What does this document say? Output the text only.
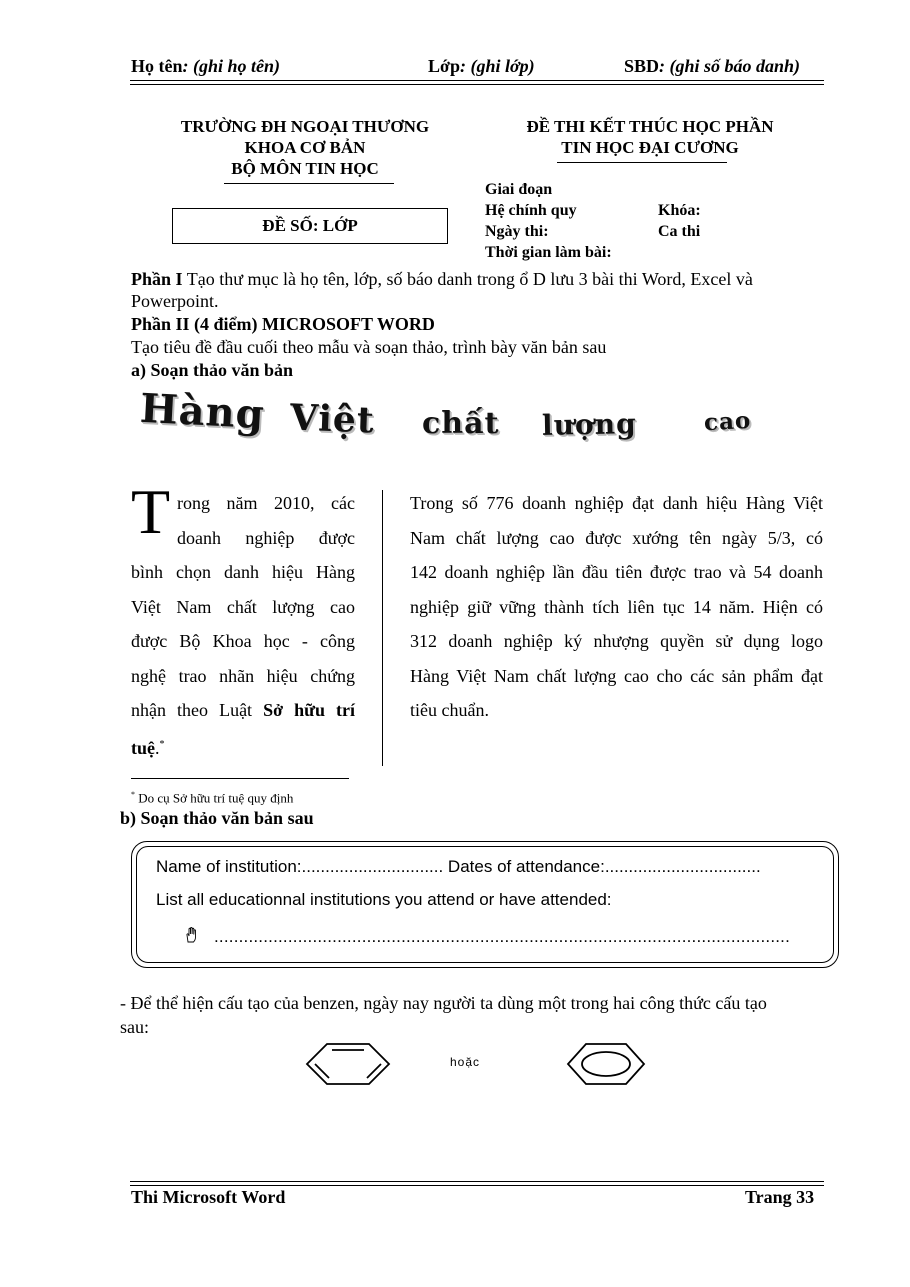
Họ tên: (ghi họ tên)	Lớp: (ghi lớp)	SBD: (ghi số báo danh)
TRƯỜNG ĐH NGOẠI THƯƠNG
KHOA CƠ BẢN
BỘ MÔN TIN HỌC
ĐỀ THI KẾT THÚC HỌC PHẦN
TIN HỌC ĐẠI CƯƠNG
ĐỀ SỐ: LỚP
Giai đoạn
Hệ chính quy	Khóa:
Ngày thi:	Ca thi
Thời gian làm bài:
Phần I Tạo thư mục là họ tên, lớp, số báo danh trong ổ D lưu 3 bài thi Word, Excel và
Powerpoint.
Phần II (4 điểm) MICROSOFT WORD
Tạo tiêu đề đầu cuối theo mẫu và soạn thảo, trình bày văn bản sau
a) Soạn thảo văn bản
Hàng Việt chất lượng	cao
T rong năm 2010, các
doanh nghiệp được
bình chọn danh hiệu Hàng
Việt Nam chất lượng cao
được Bộ Khoa học - công
nghệ trao nhãn hiệu chứng
nhận theo Luật Sở hữu trí
tuệ.*
Trong số 776 doanh nghiệp đạt danh hiệu Hàng Việt
Nam chất lượng cao được xướng tên ngày 5/3, có
142 doanh nghiệp lần đầu tiên được trao và 54 doanh
nghiệp giữ vững thành tích liên tục 14 năm. Hiện có
312 doanh nghiệp ký nhượng quyền sử dụng logo
Hàng Việt Nam chất lượng cao cho các sản phẩm đạt
tiêu chuẩn.
* Do cụ Sở hữu trí tuệ quy định
b) Soạn thảo văn bản sau
Name of institution:.............................. Dates of attendance:.................................
List all educationnal institutions you attend or have attended:
.....................................................................................................................
- Để thể hiện cấu tạo của benzen, ngày nay người ta dùng một trong hai công thức cấu tạo
sau:
hoặc
Thi Microsoft Word	Trang 33
